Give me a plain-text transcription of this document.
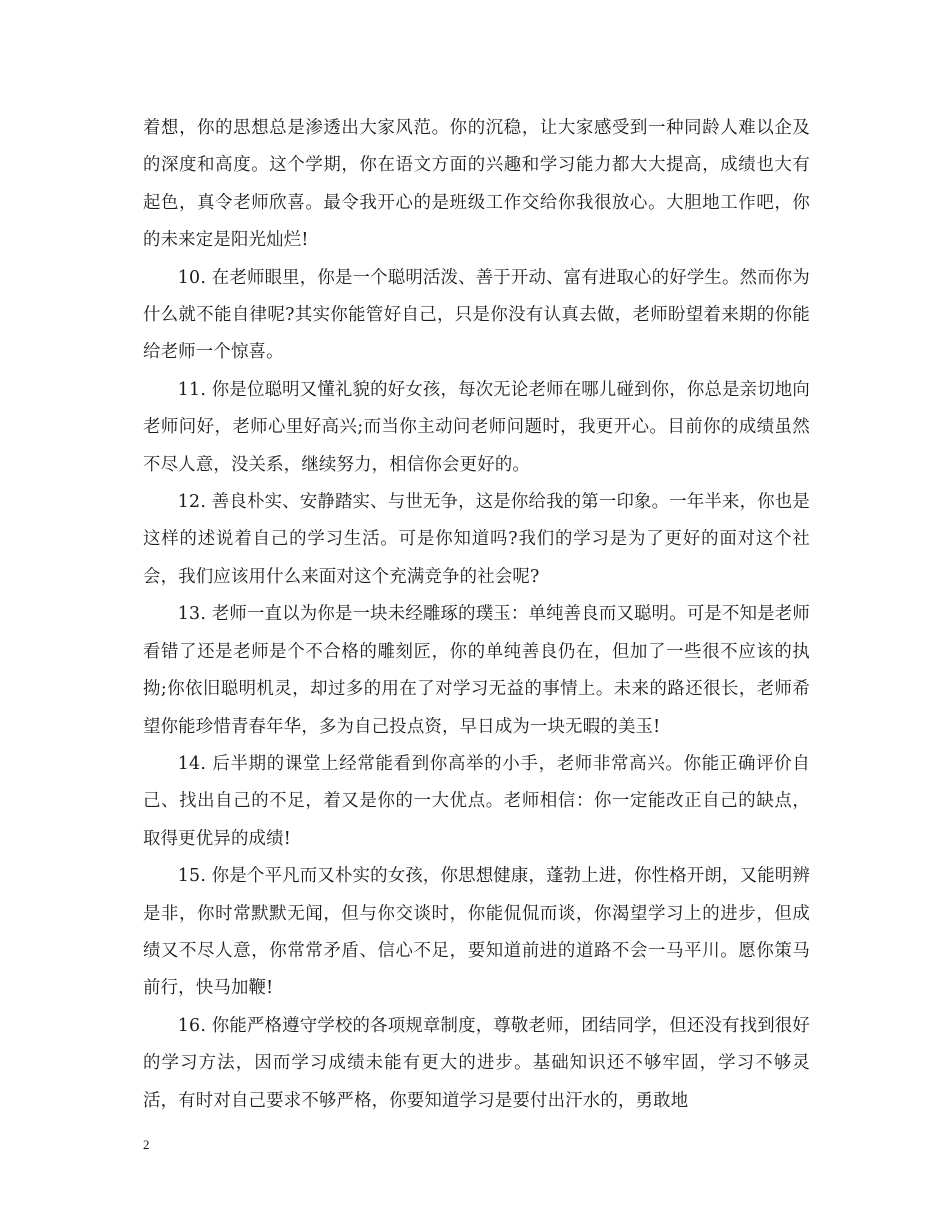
着想，你的思想总是渗透出大家风范。你的沉稳，让大家感受到一种同龄人难以企及的深度和高度。这个学期，你在语文方面的兴趣和学习能力都大大提高，成绩也大有起色，真令老师欣喜。最令我开心的是班级工作交给你我很放心。大胆地工作吧，你的未来定是阳光灿烂!

10. 在老师眼里，你是一个聪明活泼、善于开动、富有进取心的好学生。然而你为什么就不能自律呢?其实你能管好自己，只是你没有认真去做，老师盼望着来期的你能给老师一个惊喜。

11. 你是位聪明又懂礼貌的好女孩，每次无论老师在哪儿碰到你，你总是亲切地向老师问好，老师心里好高兴;而当你主动问老师问题时，我更开心。目前你的成绩虽然不尽人意，没关系，继续努力，相信你会更好的。

12. 善良朴实、安静踏实、与世无争，这是你给我的第一印象。一年半来，你也是这样的述说着自己的学习生活。可是你知道吗?我们的学习是为了更好的面对这个社会，我们应该用什么来面对这个充满竞争的社会呢?

13. 老师一直以为你是一块未经雕琢的璞玉：单纯善良而又聪明。可是不知是老师看错了还是老师是个不合格的雕刻匠，你的单纯善良仍在，但加了一些很不应该的执拗;你依旧聪明机灵，却过多的用在了对学习无益的事情上。未来的路还很长，老师希望你能珍惜青春年华，多为自己投点资，早日成为一块无暇的美玉!

14. 后半期的课堂上经常能看到你高举的小手，老师非常高兴。你能正确评价自己、找出自己的不足，着又是你的一大优点。老师相信：你一定能改正自己的缺点，取得更优异的成绩!

15. 你是个平凡而又朴实的女孩，你思想健康，蓬勃上进，你性格开朗，又能明辨是非，你时常默默无闻，但与你交谈时，你能侃侃而谈，你渴望学习上的进步，但成绩又不尽人意，你常常矛盾、信心不足，要知道前进的道路不会一马平川。愿你策马前行，快马加鞭!

16. 你能严格遵守学校的各项规章制度，尊敬老师，团结同学，但还没有找到很好的学习方法，因而学习成绩未能有更大的进步。基础知识还不够牢固，学习不够灵活，有时对自己要求不够严格，你要知道学习是要付出汗水的，勇敢地

2
